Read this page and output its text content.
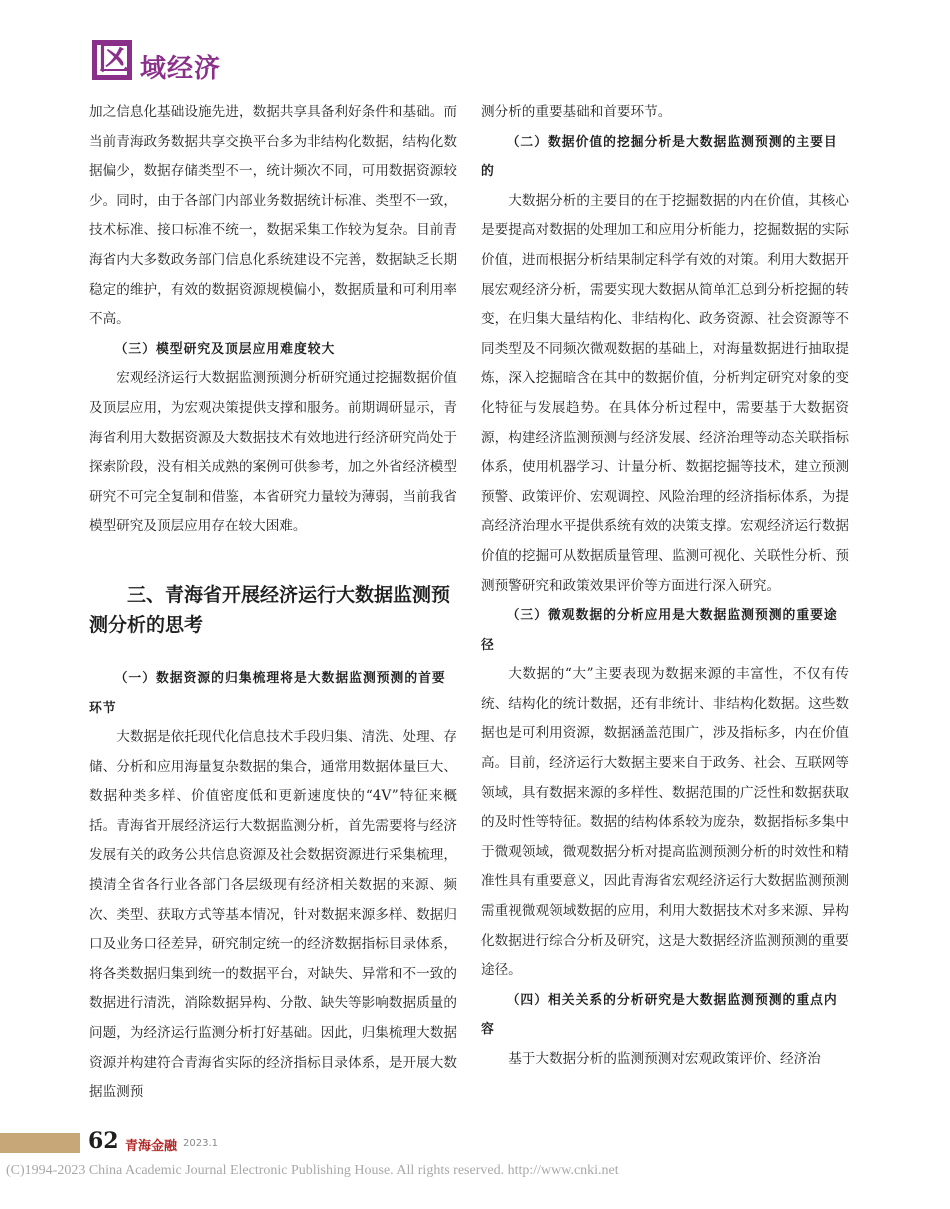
区 域经济

加之信息化基础设施先进，数据共享具备利好条件和基础。而当前青海政务数据共享交换平台多为非结构化数据，结构化数据偏少，数据存储类型不一，统计频次不同，可用数据资源较少。同时，由于各部门内部业务数据统计标准、类型不一致，技术标准、接口标准不统一，数据采集工作较为复杂。目前青海省内大多数政务部门信息化系统建设不完善，数据缺乏长期稳定的维护，有效的数据资源规模偏小，数据质量和可利用率不高。

（三）模型研究及顶层应用难度较大

宏观经济运行大数据监测预测分析研究通过挖掘数据价值及顶层应用，为宏观决策提供支撑和服务。前期调研显示，青海省利用大数据资源及大数据技术有效地进行经济研究尚处于探索阶段，没有相关成熟的案例可供参考，加之外省经济模型研究不可完全复制和借鉴，本省研究力量较为薄弱，当前我省模型研究及顶层应用存在较大困难。

三、青海省开展经济运行大数据监测预测分析的思考

（一）数据资源的归集梳理将是大数据监测预测的首要环节

大数据是依托现代化信息技术手段归集、清洗、处理、存储、分析和应用海量复杂数据的集合，通常用数据体量巨大、数据种类多样、价值密度低和更新速度快的“4V”特征来概括。青海省开展经济运行大数据监测分析，首先需要将与经济发展有关的政务公共信息资源及社会数据资源进行采集梳理，摸清全省各行业各部门各层级现有经济相关数据的来源、频次、类型、获取方式等基本情况，针对数据来源多样、数据归口及业务口径差异，研究制定统一的经济数据指标目录体系，将各类数据归集到统一的数据平台，对缺失、异常和不一致的数据进行清洗，消除数据异构、分散、缺失等影响数据质量的问题，为经济运行监测分析打好基础。因此，归集梳理大数据资源并构建符合青海省实际的经济指标目录体系，是开展大数据监测预

测分析的重要基础和首要环节。

（二）数据价值的挖掘分析是大数据监测预测的主要目的

大数据分析的主要目的在于挖掘数据的内在价值，其核心是要提高对数据的处理加工和应用分析能力，挖掘数据的实际价值，进而根据分析结果制定科学有效的对策。利用大数据开展宏观经济分析，需要实现大数据从简单汇总到分析挖掘的转变，在归集大量结构化、非结构化、政务资源、社会资源等不同类型及不同频次微观数据的基础上，对海量数据进行抽取提炼，深入挖掘暗含在其中的数据价值，分析判定研究对象的变化特征与发展趋势。在具体分析过程中，需要基于大数据资源，构建经济监测预测与经济发展、经济治理等动态关联指标体系，使用机器学习、计量分析、数据挖掘等技术，建立预测预警、政策评价、宏观调控、风险治理的经济指标体系，为提高经济治理水平提供系统有效的决策支撑。宏观经济运行数据价值的挖掘可从数据质量管理、监测可视化、关联性分析、预测预警研究和政策效果评价等方面进行深入研究。

（三）微观数据的分析应用是大数据监测预测的重要途径

大数据的“大”主要表现为数据来源的丰富性，不仅有传统、结构化的统计数据，还有非统计、非结构化数据。这些数据也是可利用资源，数据涵盖范围广，涉及指标多，内在价值高。目前，经济运行大数据主要来自于政务、社会、互联网等领域，具有数据来源的多样性、数据范围的广泛性和数据获取的及时性等特征。数据的结构体系较为庞杂，数据指标多集中于微观领域，微观数据分析对提高监测预测分析的时效性和精准性具有重要意义，因此青海省宏观经济运行大数据监测预测需重视微观领域数据的应用，利用大数据技术对多来源、异构化数据进行综合分析及研究，这是大数据经济监测预测的重要途径。

（四）相关关系的分析研究是大数据监测预测的重点内容

基于大数据分析的监测预测对宏观政策评价、经济治

62 青海金融 2023.1
(C)1994-2023 China Academic Journal Electronic Publishing House. All rights reserved. http://www.cnki.net
